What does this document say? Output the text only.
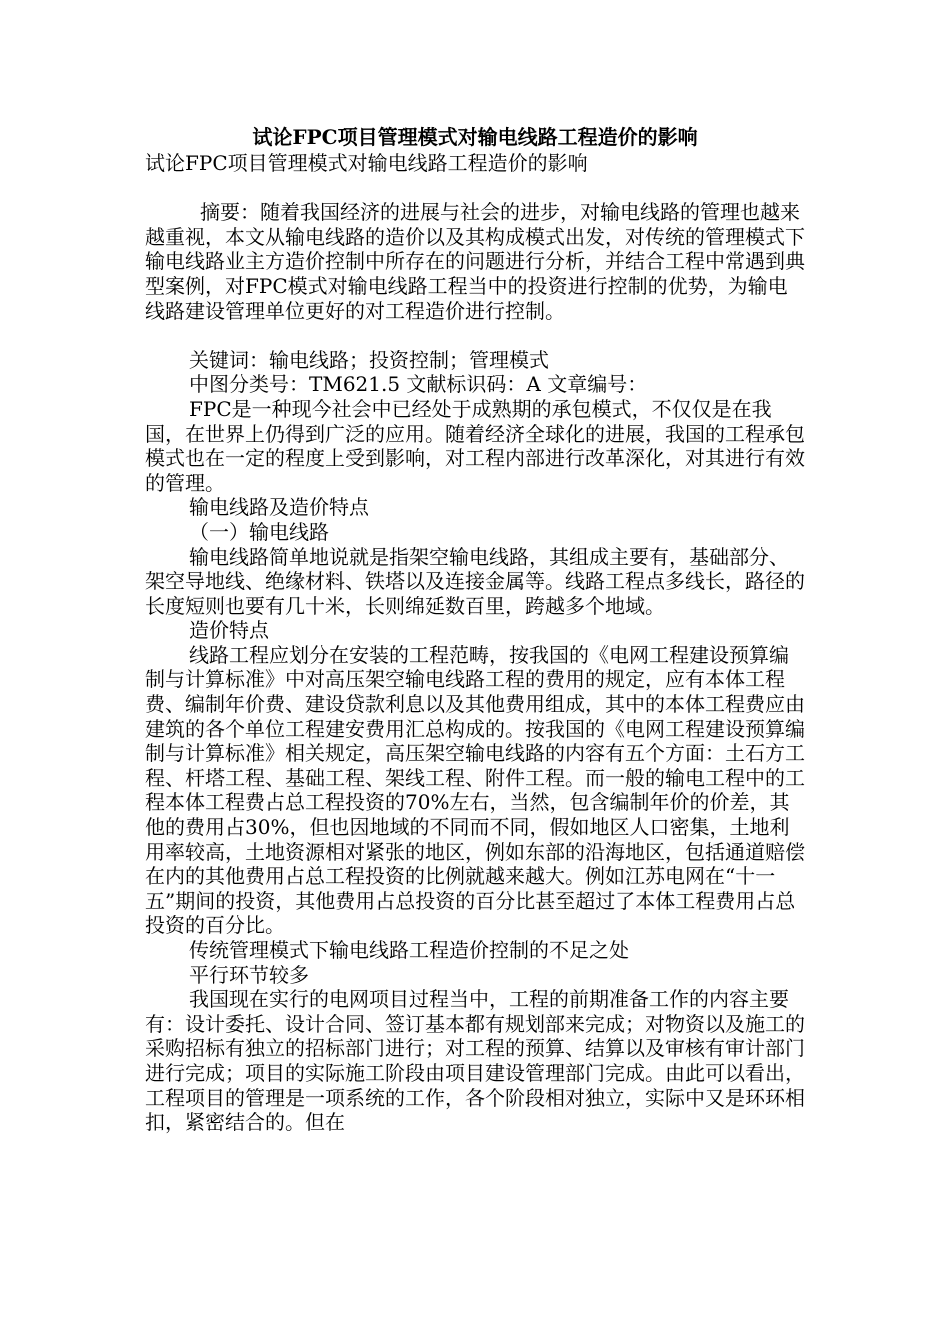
试论FPC项目管理模式对输电线路工程造价的影响

试论FPC项目管理模式对输电线路工程造价的影响

摘要：随着我国经济的进展与社会的进步，对输电线路的管理也越来越重视，本文从输电线路的造价以及其构成模式出发，对传统的管理模式下输电线路业主方造价控制中所存在的问题进行分析，并结合工程中常遇到典型案例，对FPC模式对输电线路工程当中的投资进行控制的优势，为输电线路建设管理单位更好的对工程造价进行控制。

关键词：输电线路；投资控制；管理模式

中图分类号：TM621.5 文献标识码：A 文章编号：

FPC是一种现今社会中已经处于成熟期的承包模式，不仅仅是在我国，在世界上仍得到广泛的应用。随着经济全球化的进展，我国的工程承包模式也在一定的程度上受到影响，对工程内部进行改革深化，对其进行有效的管理。

输电线路及造价特点

（一）输电线路

输电线路简单地说就是指架空输电线路，其组成主要有，基础部分、架空导地线、绝缘材料、铁塔以及连接金属等。线路工程点多线长，路径的长度短则也要有几十米，长则绵延数百里，跨越多个地域。

造价特点

线路工程应划分在安装的工程范畴，按我国的《电网工程建设预算编制与计算标准》中对高压架空输电线路工程的费用的规定，应有本体工程费、编制年价费、建设贷款利息以及其他费用组成，其中的本体工程费应由建筑的各个单位工程建安费用汇总构成的。按我国的《电网工程建设预算编制与计算标准》相关规定，高压架空输电线路的内容有五个方面：土石方工程、杆塔工程、基础工程、架线工程、附件工程。而一般的输电工程中的工程本体工程费占总工程投资的70%左右，当然，包含编制年价的价差，其他的费用占30%，但也因地域的不同而不同，假如地区人口密集，土地利用率较高，土地资源相对紧张的地区，例如东部的沿海地区，包括通道赔偿在内的其他费用占总工程投资的比例就越来越大。例如江苏电网在“十一五”期间的投资，其他费用占总投资的百分比甚至超过了本体工程费用占总投资的百分比。

传统管理模式下输电线路工程造价控制的不足之处

平行环节较多

我国现在实行的电网项目过程当中，工程的前期准备工作的内容主要有：设计委托、设计合同、签订基本都有规划部来完成；对物资以及施工的采购招标有独立的招标部门进行；对工程的预算、结算以及审核有审计部门进行完成；项目的实际施工阶段由项目建设管理部门完成。由此可以看出，工程项目的管理是一项系统的工作，各个阶段相对独立，实际中又是环环相扣，紧密结合的。但在
